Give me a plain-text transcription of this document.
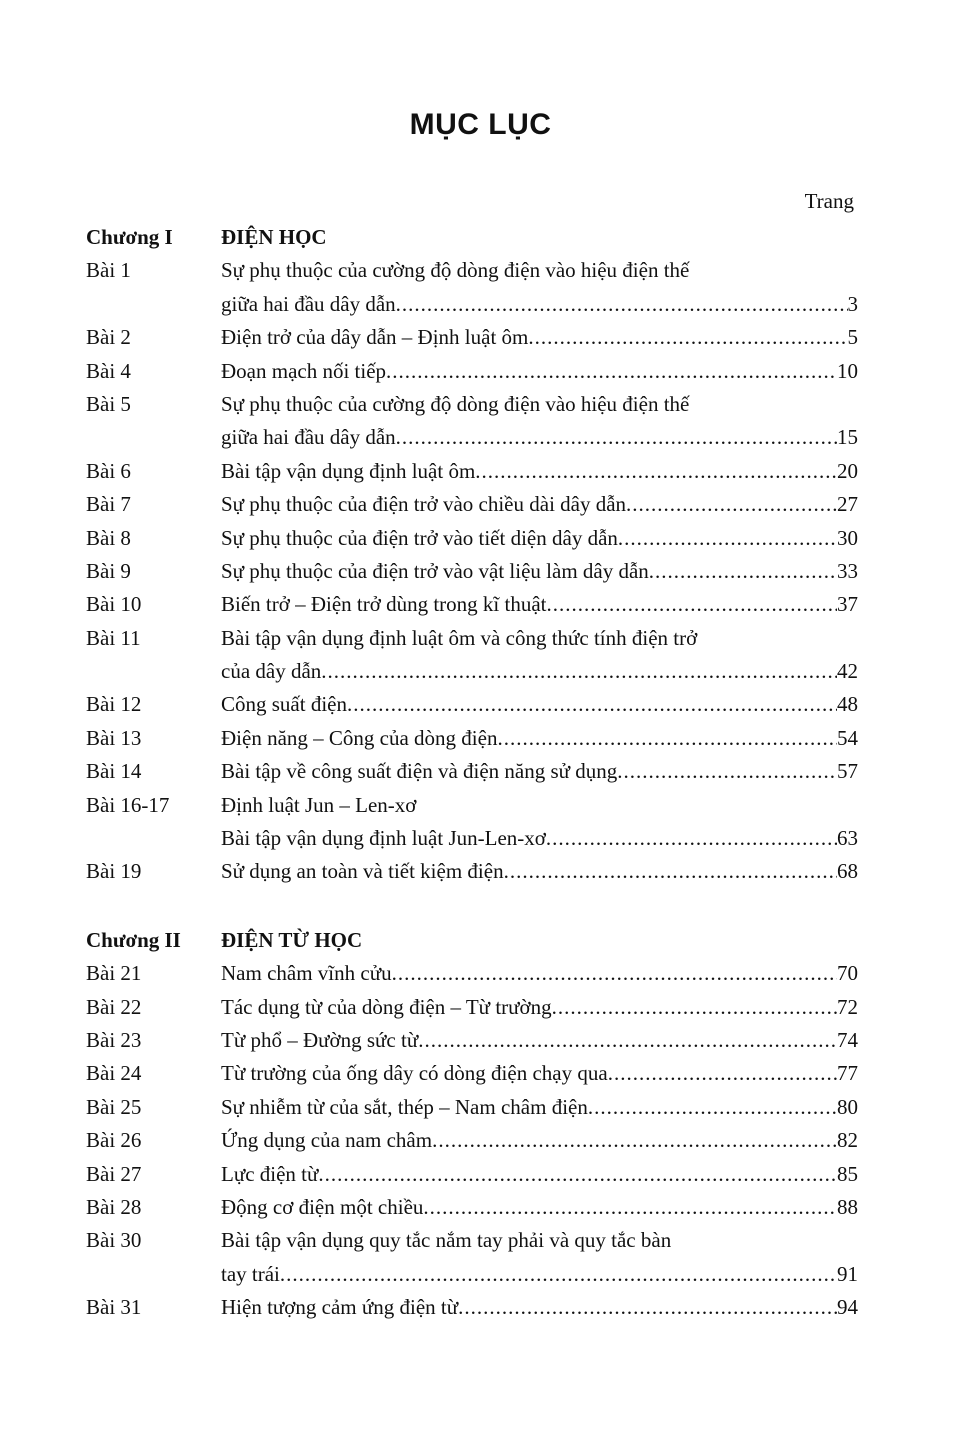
MỤC LỤC
Trang
Chương I	ĐIỆN HỌC
Bài 1	Sự phụ thuộc của cường độ dòng điện vào hiệu điện thế
giữa hai đầu dây dẫn .....	3
Bài 2	Điện trở của dây dẫn – Định luật ôm .....	5
Bài 4	Đoạn mạch nối tiếp .....	10
Bài 5	Sự phụ thuộc của cường độ dòng điện vào hiệu điện thế
giữa hai đầu dây dẫn .....	15
Bài 6	Bài tập vận dụng định luật ôm .....	20
Bài 7	Sự phụ thuộc của điện trở vào chiều dài dây dẫn .....	27
Bài 8	Sự phụ thuộc của điện trở vào tiết diện dây dẫn .....	30
Bài 9	Sự phụ thuộc của điện trở vào vật liệu làm dây dẫn .....	33
Bài 10	Biến trở – Điện trở dùng trong kĩ thuật .....	37
Bài 11	Bài tập vận dụng định luật ôm và công thức tính điện trở
của dây dẫn .....	42
Bài 12	Công suất điện .....	48
Bài 13	Điện năng – Công của dòng điện .....	54
Bài 14	Bài tập về công suất điện và điện năng sử dụng .....	57
Bài 16-17	Định luật Jun – Len-xơ
Bài tập vận dụng định luật Jun-Len-xơ .....	63
Bài 19	Sử dụng an toàn và tiết kiệm điện .....	68
Chương II	ĐIỆN TỪ HỌC
Bài 21	Nam châm vĩnh cửu .....	70
Bài 22	Tác dụng từ của dòng điện – Từ trường .....	72
Bài 23	Từ phổ – Đường sức từ .....	74
Bài 24	Từ trường của ống dây có dòng điện chạy qua .....	77
Bài 25	Sự nhiễm từ của sắt, thép – Nam châm điện .....	80
Bài 26	Ứng dụng của nam châm .....	82
Bài 27	Lực điện từ .....	85
Bài 28	Động cơ điện một chiều .....	88
Bài 30	Bài tập vận dụng quy tắc nắm tay phải và quy tắc bàn
tay trái .....	91
Bài 31	Hiện tượng cảm ứng điện từ .....	94
